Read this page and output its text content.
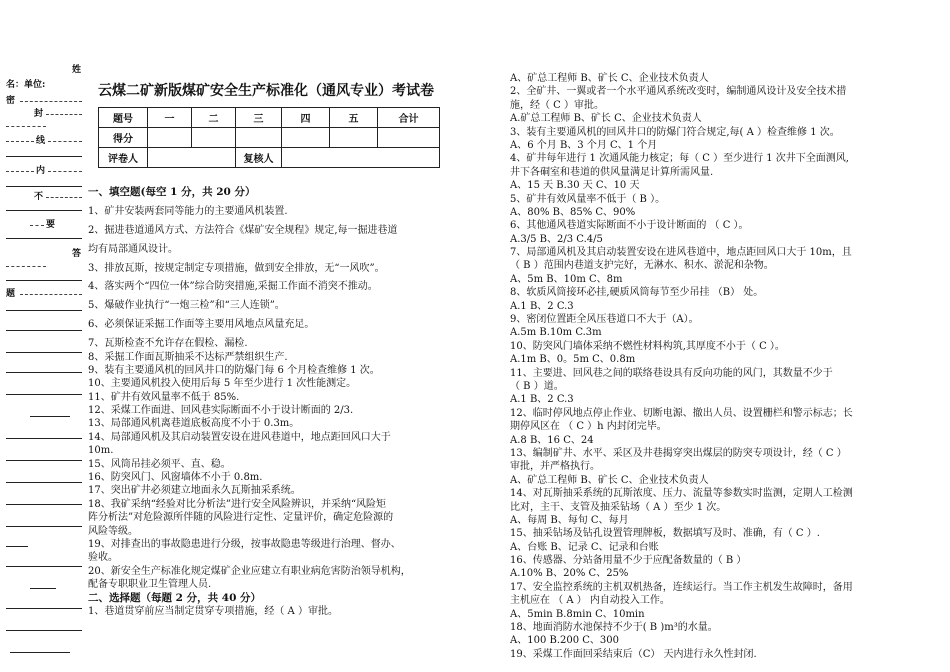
姓
名：单位:
密
封
线
内
不
要
答
题
云煤二矿新版煤矿安全生产标准化（通风专业）考试卷
题号	一	二	三	四	五	合计
得分						
评卷人			复核人			
一、填空题(每空 1 分，共 20 分）
1、矿井安装两套同等能力的主要通风机装置.
2、掘进巷道通风方式、方法符合《煤矿安全规程》规定,每一掘进巷道
均有局部通风设计。
3、排放瓦斯，按规定制定专项措施，做到安全排放，无“一风吹”。
4、落实两个“四位一体”综合防突措施,采掘工作面不消突不推动。
5、爆破作业执行“一炮三检”和“三人连锁”。
6、必须保证采掘工作面等主要用风地点风量充足。
7、瓦斯检查不允许存在假检、漏检.
8、采掘工作面瓦斯抽采不达标严禁组织生产.
9、装有主要通风机的回风井口的防爆门每 6 个月检查维修 1 次。
10、主要通风机投入使用后每 5 年至少进行 1 次性能测定。
11、矿井有效风量率不低于 85%.
12、采煤工作面进、回风巷实际断面不小于设计断面的 2/3.
13、局部通风机离巷道底板高度不小于 0.3m。
14、局部通风机及其启动装置安设在进风巷道中，地点距回风口大于
10m.
15、风筒吊挂必须平、直、稳。
16、防突风门、风窗墙体不小于 0.8m.
17、突出矿井必须建立地面永久瓦斯抽采系统。
18、我矿采纳“经验对比分析法”进行安全风险辨识，并采纳“风险矩
阵分析法”对危险源所伴随的风险进行定性、定量评价，确定危险源的
风险等级。
19、对排查出的事故隐患进行分级，按事故隐患等级进行治理、督办、
验收。
20、新安全生产标准化规定煤矿企业应建立有职业病危害防治领导机构，
配备专职职业卫生管理人员.
二、选择题（每题 2 分，共 40 分）
1、巷道贯穿前应当制定贯穿专项措施，经（ A ）审批。
A、矿总工程师 B、矿长 C、企业技术负责人
2、全矿井、一翼或者一个水平通风系统改变时，编制通风设计及安全技术措
施，经（ C ）审批。
A.矿总工程师 B、矿长 C、企业技术负责人
3、装有主要通风机的回风井口的防爆门符合规定,每( A ）检查维修 1 次。
A、6 个月 B、3 个月 C、1 个月
4、矿井每年进行 1 次通风能力核定；每（ C ）至少进行 1 次井下全面测风,
井下各硐室和巷道的供风量满足计算所需风量.
A、15 天 B.30 天 C、10 天
5、矿井有效风量率不低于（ B ）。
A、80% B、85% C、90%
6、其他通风巷道实际断面不小于设计断面的 （ C ）。
A.3/5 B、2/3 C.4/5
7、局部通风机及其启动装置安设在进风巷道中，地点距回风口大于 10m，且
（ B ）范围内巷道支护完好，无淋水、积水、淤泥和杂物。
A、5m B、10m C、8m
8、软质风筒接环必挂,硬质风筒每节至少吊挂 （B） 处。
A.1 B、2 C.3
9、密闭位置距全风压巷道口不大于（A）。
A.5m B.10m C.3m
10、防突风门墙体采纳不燃性材料构筑,其厚度不小于（ C ）。
A.1m B、0。5m C、0.8m
11、主要进、回风巷之间的联络巷设具有反向功能的风门，其数量不少于
（ B ）道。
A.1 B、2 C.3
12、临时停风地点停止作业、切断电源、撤出人员、设置栅栏和警示标志；长
期停风区在 （ C ）h 内封闭完毕。
A.8 B、16 C、24
13、编制矿井、水平、采区及井巷揭穿突出煤层的防突专项设计，经（ C ）
审批，并严格执行。
A、矿总工程师 B、矿长 C、企业技术负责人
14、对瓦斯抽采系统的瓦斯浓度、压力、流量等参数实时监测，定期人工检测
比对，主干、支管及抽采钻场（ A ）至少 1 次。
A、每周 B、每旬 C、每月
15、抽采钻场及钻孔设置管理牌板，数据填写及时、准确，有（ C ）.
A、台账 B、记录 C、记录和台账
16、传感器、分站备用量不少于应配备数量的（ B ）
A.10% B、20% C、25%
17、安全监控系统的主机双机热备，连续运行。当工作主机发生故障时，备用
主机应在 （ A ） 内自动投入工作。
A、5min B.8min C、10min
18、地面消防水池保持不少于( B )m³的水量。
A、100 B.200 C、300
19、采煤工作面回采结束后（C） 天内进行永久性封闭.
